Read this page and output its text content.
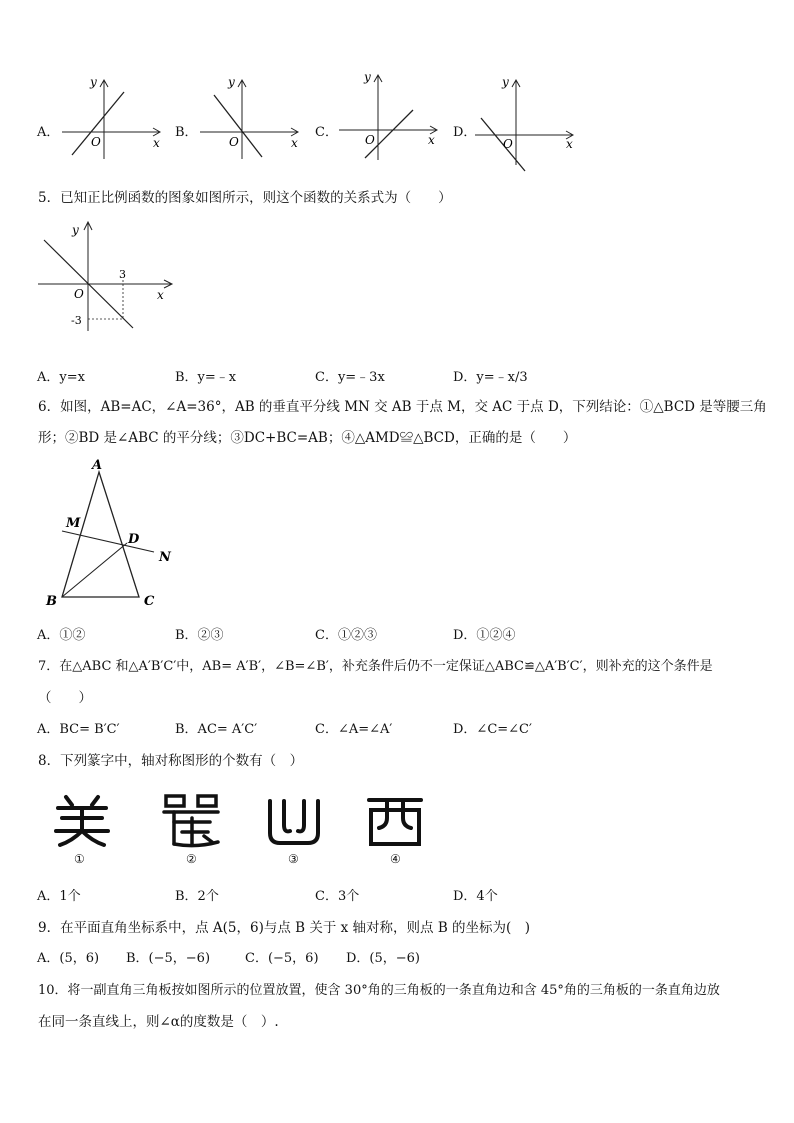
A．
y
x
O
B．
y
x
O
C．
y
x
O	D．
y
x
O
5．已知正比例函数的图象如图所示，则这个函数的关系式为（　　）
y
x
O
3
-3
A．y=x	B．y=﹣x	C．y=﹣3x	D．y=﹣x/3
6．如图，AB=AC，∠A=36°，AB 的垂直平分线 MN 交 AB 于点 M，交 AC 于点 D，下列结论：①△BCD 是等腰三角
形；②BD 是∠ABC 的平分线；③DC+BC=AB；④△AMD≌△BCD，正确的是（　　）
A
B	C
D
M
N
A．①②	B．②③	C．①②③	D．①②④
7．在△ABC 和△A′B′C′中，AB= A′B′，∠B=∠B′，补充条件后仍不一定保证△ABC≌△A′B′C′，则补充的这个条件是
（　　）
A．BC= B′C′	B．AC= A′C′	C．∠A=∠A′	D．∠C=∠C′
8．下列篆字中，轴对称图形的个数有（　）
①	②	③	④
A．1个	B．2个	C．3个	D．4个
9．在平面直角坐标系中，点 A(5，6)与点 B 关于 x 轴对称，则点 B 的坐标为(　)
A．(5，6) B．(−5，−6)	C．(−5，6) D．(5，−6)
10．将一副直角三角板按如图所示的位置放置，使含 30°角的三角板的一条直角边和含 45°角的三角板的一条直角边放
在同一条直线上，则∠α的度数是（　）.
